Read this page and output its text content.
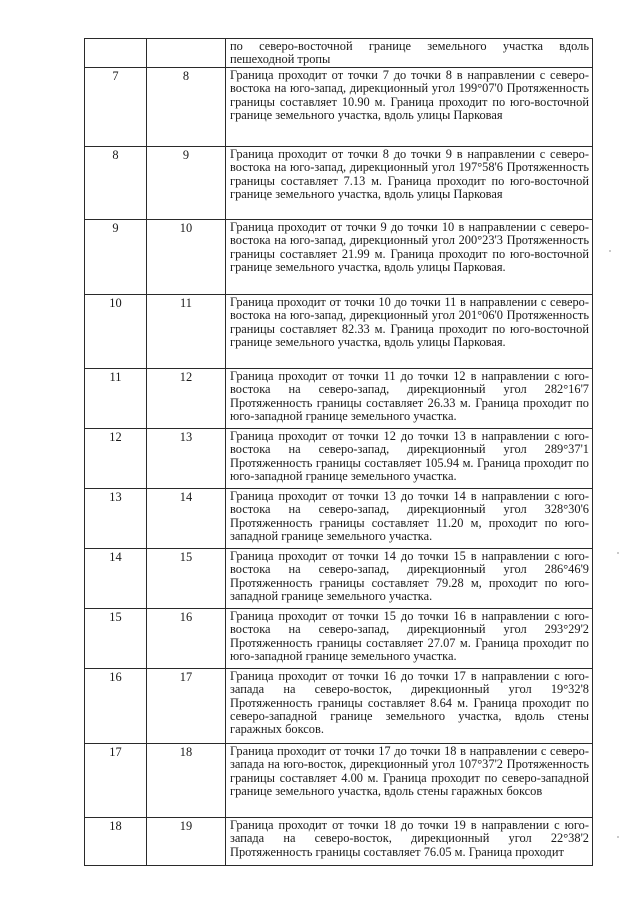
		по северо-восточной границе земельного участка вдоль пешеходной тропы

7	8	Граница проходит от точки 7 до точки 8 в направлении с северо-востока на юго-запад, дирекционный угол 199°07'0 Протяженность границы составляет 10.90 м. Граница проходит по юго-восточной границе земельного участка, вдоль улицы Парковая

8	9	Граница проходит от точки 8 до точки 9 в направлении с северо-востока на юго-запад, дирекционный угол 197°58'6 Протяженность границы составляет 7.13 м. Граница проходит по юго-восточной границе земельного участка, вдоль улицы Парковая

9	10	Граница проходит от точки 9 до точки 10 в направлении с северо-востока на юго-запад, дирекционный угол 200°23'3 Протяженность границы составляет 21.99 м. Граница проходит по юго-восточной границе земельного участка, вдоль улицы Парковая.

10	11	Граница проходит от точки 10 до точки 11 в направлении с северо-востока на юго-запад, дирекционный угол 201°06'0 Протяженность границы составляет 82.33 м. Граница проходит по юго-восточной границе земельного участка, вдоль улицы Парковая.

11	12	Граница проходит от точки 11 до точки 12 в направлении с юго-востока на северо-запад, дирекционный угол 282°16'7 Протяженность границы составляет 26.33 м. Граница проходит по юго-западной границе земельного участка.

12	13	Граница проходит от точки 12 до точки 13 в направлении с юго-востока на северо-запад, дирекционный угол 289°37'1 Протяженность границы составляет 105.94 м. Граница проходит по юго-западной границе земельного участка.

13	14	Граница проходит от точки 13 до точки 14 в направлении с юго-востока на северо-запад, дирекционный угол 328°30'6 Протяженность границы составляет 11.20 м, проходит по юго-западной границе земельного участка.

14	15	Граница проходит от точки 14 до точки 15 в направлении с юго-востока на северо-запад, дирекционный угол 286°46'9 Протяженность границы составляет 79.28 м, проходит по юго-западной границе земельного участка.

15	16	Граница проходит от точки 15 до точки 16 в направлении с юго-востока на северо-запад, дирекционный угол 293°29'2 Протяженность границы составляет 27.07 м. Граница проходит по юго-западной границе земельного участка.

16	17	Граница проходит от точки 16 до точки 17 в направлении с юго-запада на северо-восток, дирекционный угол 19°32'8 Протяженность границы составляет 8.64 м. Граница проходит по северо-западной границе земельного участка, вдоль стены гаражных боксов.

17	18	Граница проходит от точки 17 до точки 18 в направлении с северо-запада на юго-восток, дирекционный угол 107°37'2 Протяженность границы составляет 4.00 м. Граница проходит по северо-западной границе земельного участка, вдоль стены гаражных боксов

18	19	Граница проходит от точки 18 до точки 19 в направлении с юго-запада на северо-восток, дирекционный угол 22°38'2 Протяженность границы составляет 76.05 м. Граница проходит
